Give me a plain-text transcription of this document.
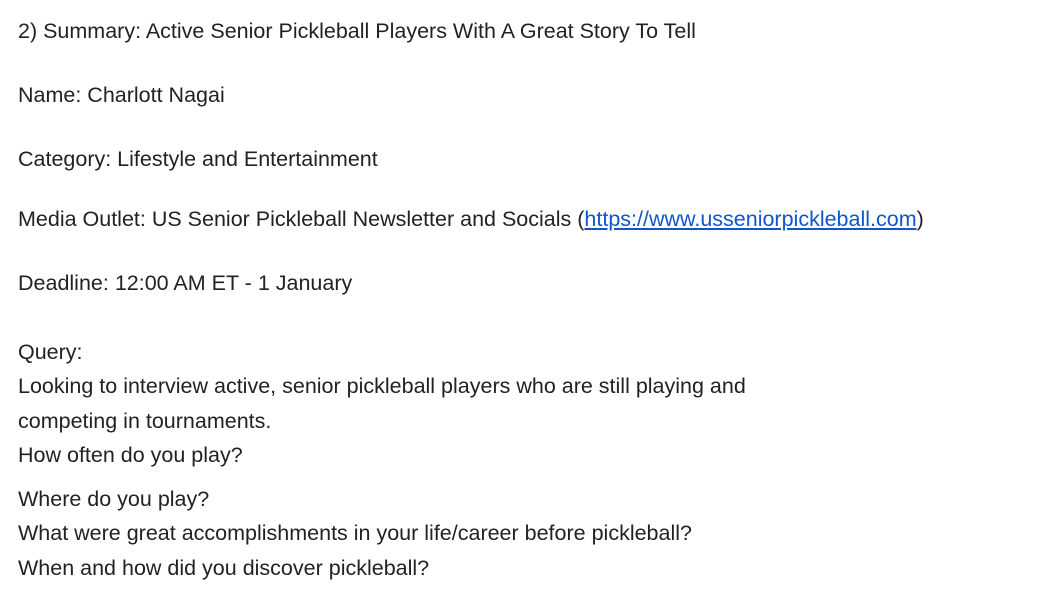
2) Summary: Active Senior Pickleball Players With A Great Story To Tell
Name: Charlott Nagai
Category: Lifestyle and Entertainment
Media Outlet: US Senior Pickleball Newsletter and Socials (https://www.usseniorpickleball.com)
Deadline: 12:00 AM ET - 1 January
Query:
Looking to interview active, senior pickleball players who are still playing and
competing in tournaments.
How often do you play?
Where do you play?
What were great accomplishments in your life/career before pickleball?
When and how did you discover pickleball?
